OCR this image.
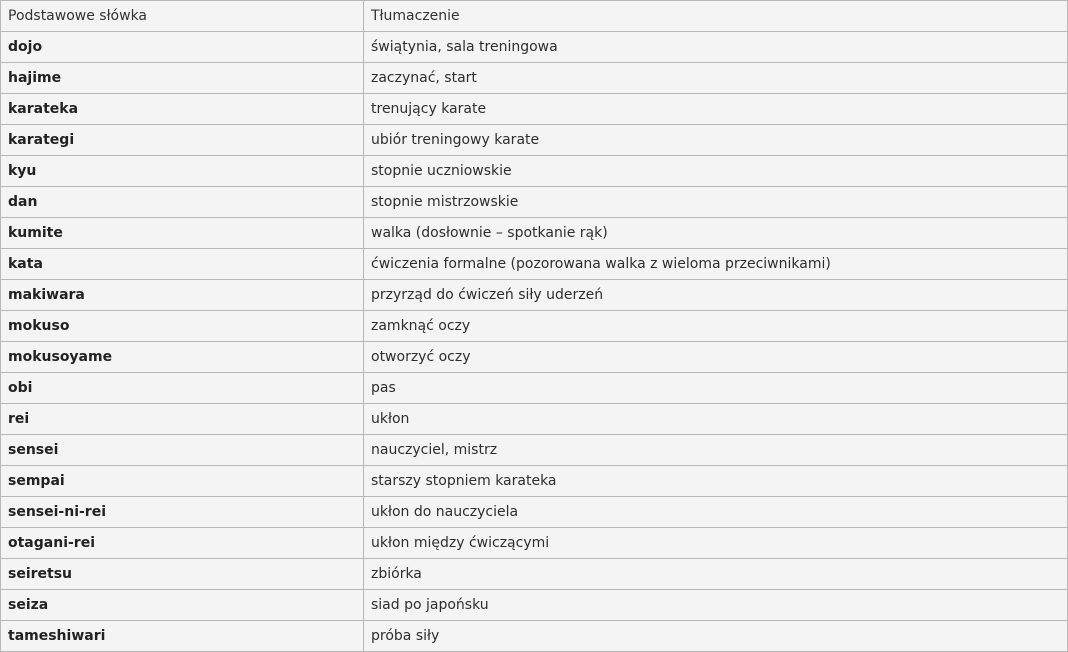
Podstawowe słówka	Tłumaczenie
dojo	świątynia, sala treningowa
hajime	zaczynać, start
karateka	trenujący karate
karategi	ubiór treningowy karate
kyu	stopnie uczniowskie
dan	stopnie mistrzowskie
kumite	walka (dosłownie – spotkanie rąk)
kata	ćwiczenia formalne (pozorowana walka z wieloma przeciwnikami)
makiwara	przyrząd do ćwiczeń siły uderzeń
mokuso	zamknąć oczy
mokusoyame	otworzyć oczy
obi	pas
rei	ukłon
sensei	nauczyciel, mistrz
sempai	starszy stopniem karateka
sensei-ni-rei	ukłon do nauczyciela
otagani-rei	ukłon między ćwiczącymi
seiretsu	zbiórka
seiza	siad po japońsku
tameshiwari	próba siły
